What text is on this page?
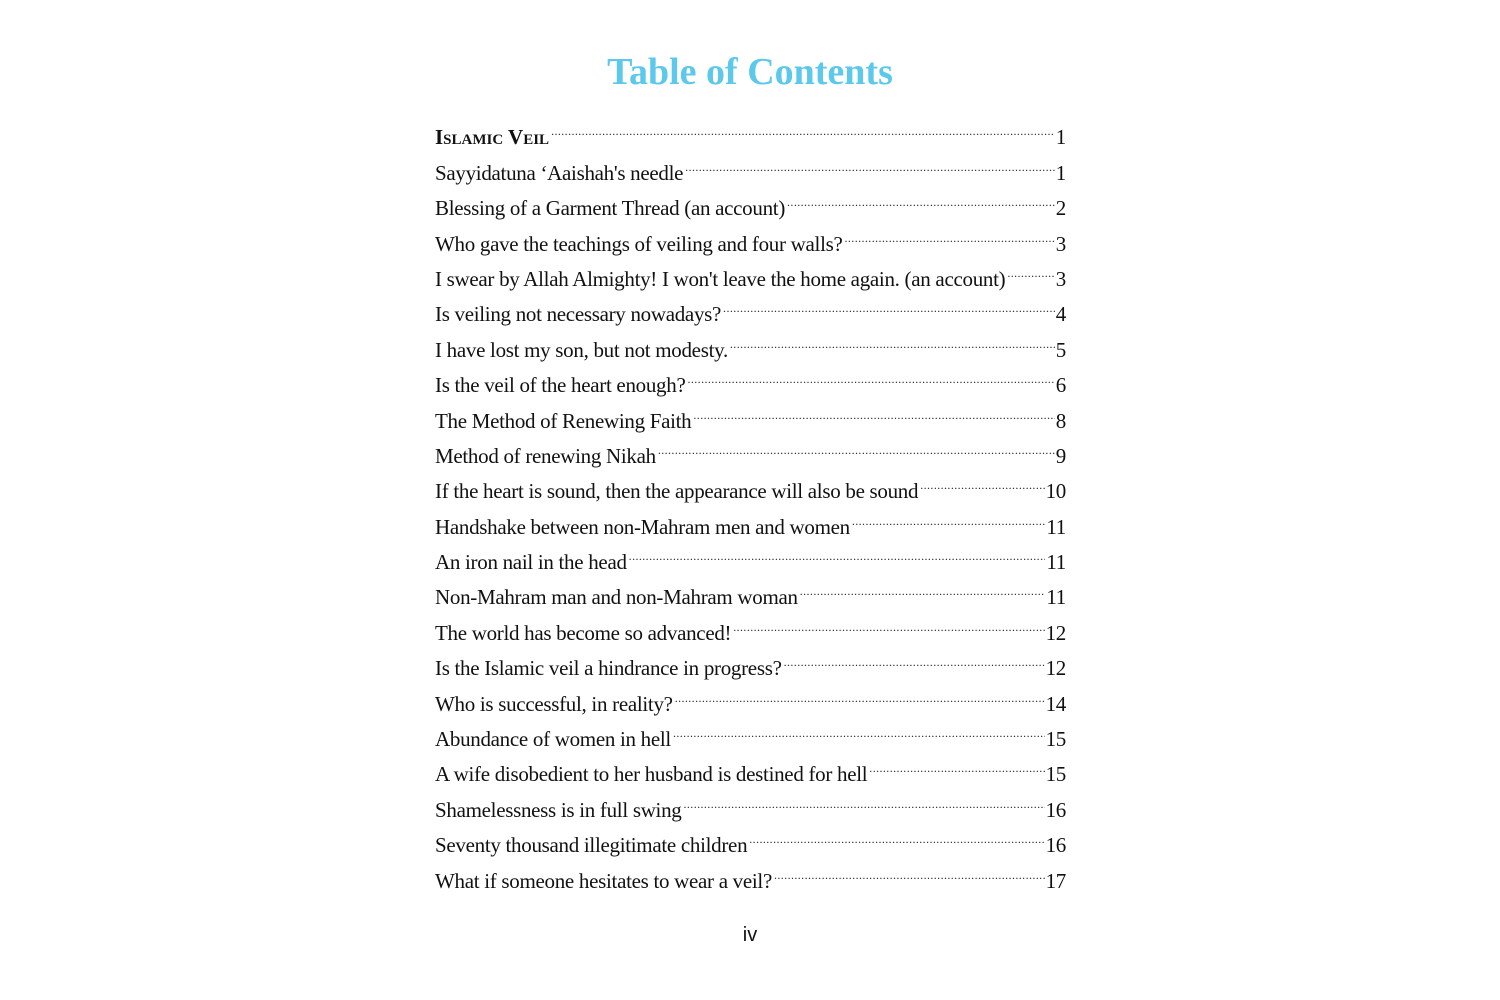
Table of Contents
Islamic Veil .....	1
Sayyidatuna ‘Aaishah's needle .....	1
Blessing of a Garment Thread (an account) .....	2
Who gave the teachings of veiling and four walls? .....	3
I swear by Allah Almighty! I won't leave the home again. (an account) ..... 3
Is veiling not necessary nowadays? .....	4
I have lost my son, but not modesty. .....	5
Is the veil of the heart enough? .....	6
The Method of Renewing Faith .....	8
Method of renewing Nikah .....	9
If the heart is sound, then the appearance will also be sound .....	10
Handshake between non-Mahram men and women .....	11
An iron nail in the head .....	11
Non-Mahram man and non-Mahram woman .....	11
The world has become so advanced! .....	12
Is the Islamic veil a hindrance in progress? .....	12
Who is successful, in reality? .....	14
Abundance of women in hell .....	15
A wife disobedient to her husband is destined for hell .....	15
Shamelessness is in full swing .....	16
Seventy thousand illegitimate children .....	16
What if someone hesitates to wear a veil? .....	17
iv
